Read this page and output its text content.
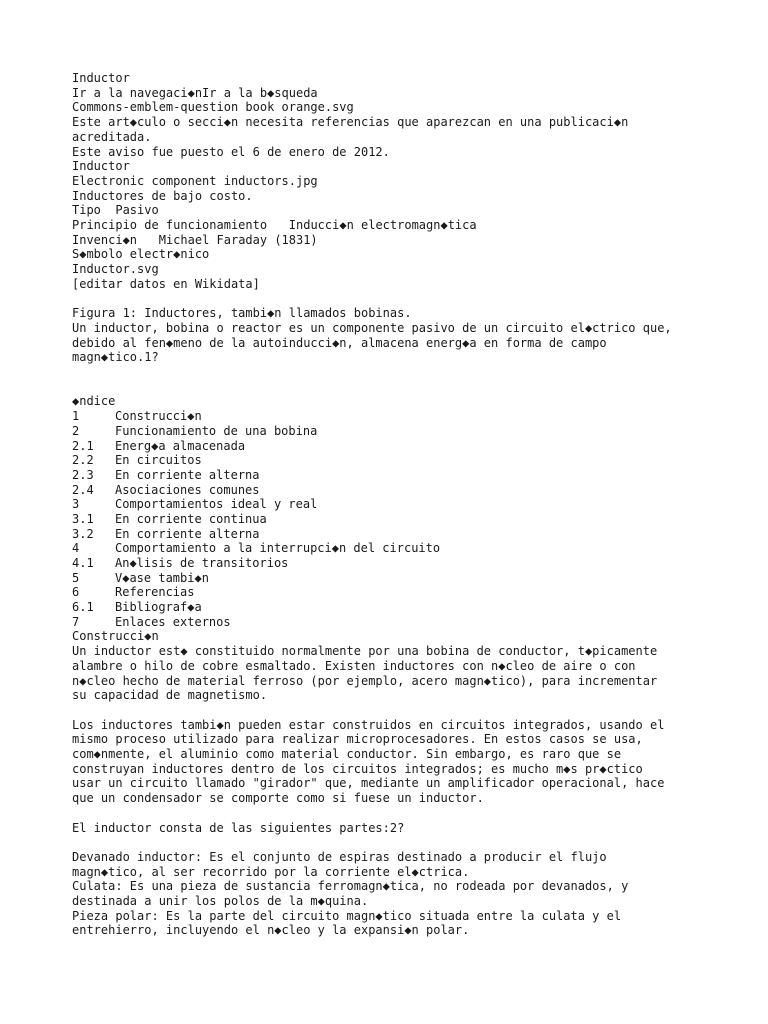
Inductor
Ir a la navegaci◆nIr a la b◆squeda
Commons-emblem-question book orange.svg
Este art◆culo o secci◆n necesita referencias que aparezcan en una publicaci◆n
acreditada.
Este aviso fue puesto el 6 de enero de 2012.
Inductor
Electronic component inductors.jpg
Inductores de bajo costo.
Tipo Pasivo
Principio de funcionamiento Inducci◆n electromagn◆tica
Invenci◆n Michael Faraday (1831)
S◆mbolo electr◆nico
Inductor.svg
[editar datos en Wikidata]
Figura 1: Inductores, tambi◆n llamados bobinas.
Un inductor, bobina o reactor es un componente pasivo de un circuito el◆ctrico que,
debido al fen◆meno de la autoinducci◆n, almacena energ◆a en forma de campo
magn◆tico.1?
◆ndice
1	Construcci◆n
2	Funcionamiento de una bobina
2.1 Energ◆a almacenada
2.2 En circuitos
2.3 En corriente alterna
2.4 Asociaciones comunes
3	Comportamientos ideal y real
3.1 En corriente continua
3.2 En corriente alterna
4	Comportamiento a la interrupci◆n del circuito
4.1 An◆lisis de transitorios
5	V◆ase tambi◆n
6	Referencias
6.1 Bibliograf◆a
7	Enlaces externos
Construcci◆n
Un inductor est◆ constituido normalmente por una bobina de conductor, t◆picamente
alambre o hilo de cobre esmaltado. Existen inductores con n◆cleo de aire o con
n◆cleo hecho de material ferroso (por ejemplo, acero magn◆tico), para incrementar
su capacidad de magnetismo.
Los inductores tambi◆n pueden estar construidos en circuitos integrados, usando el
mismo proceso utilizado para realizar microprocesadores. En estos casos se usa,
com◆nmente, el aluminio como material conductor. Sin embargo, es raro que se
construyan inductores dentro de los circuitos integrados; es mucho m◆s pr◆ctico
usar un circuito llamado "girador" que, mediante un amplificador operacional, hace
que un condensador se comporte como si fuese un inductor.
El inductor consta de las siguientes partes:2?
Devanado inductor: Es el conjunto de espiras destinado a producir el flujo
magn◆tico, al ser recorrido por la corriente el◆ctrica.
Culata: Es una pieza de sustancia ferromagn◆tica, no rodeada por devanados, y
destinada a unir los polos de la m◆quina.
Pieza polar: Es la parte del circuito magn◆tico situada entre la culata y el
entrehierro, incluyendo el n◆cleo y la expansi◆n polar.
